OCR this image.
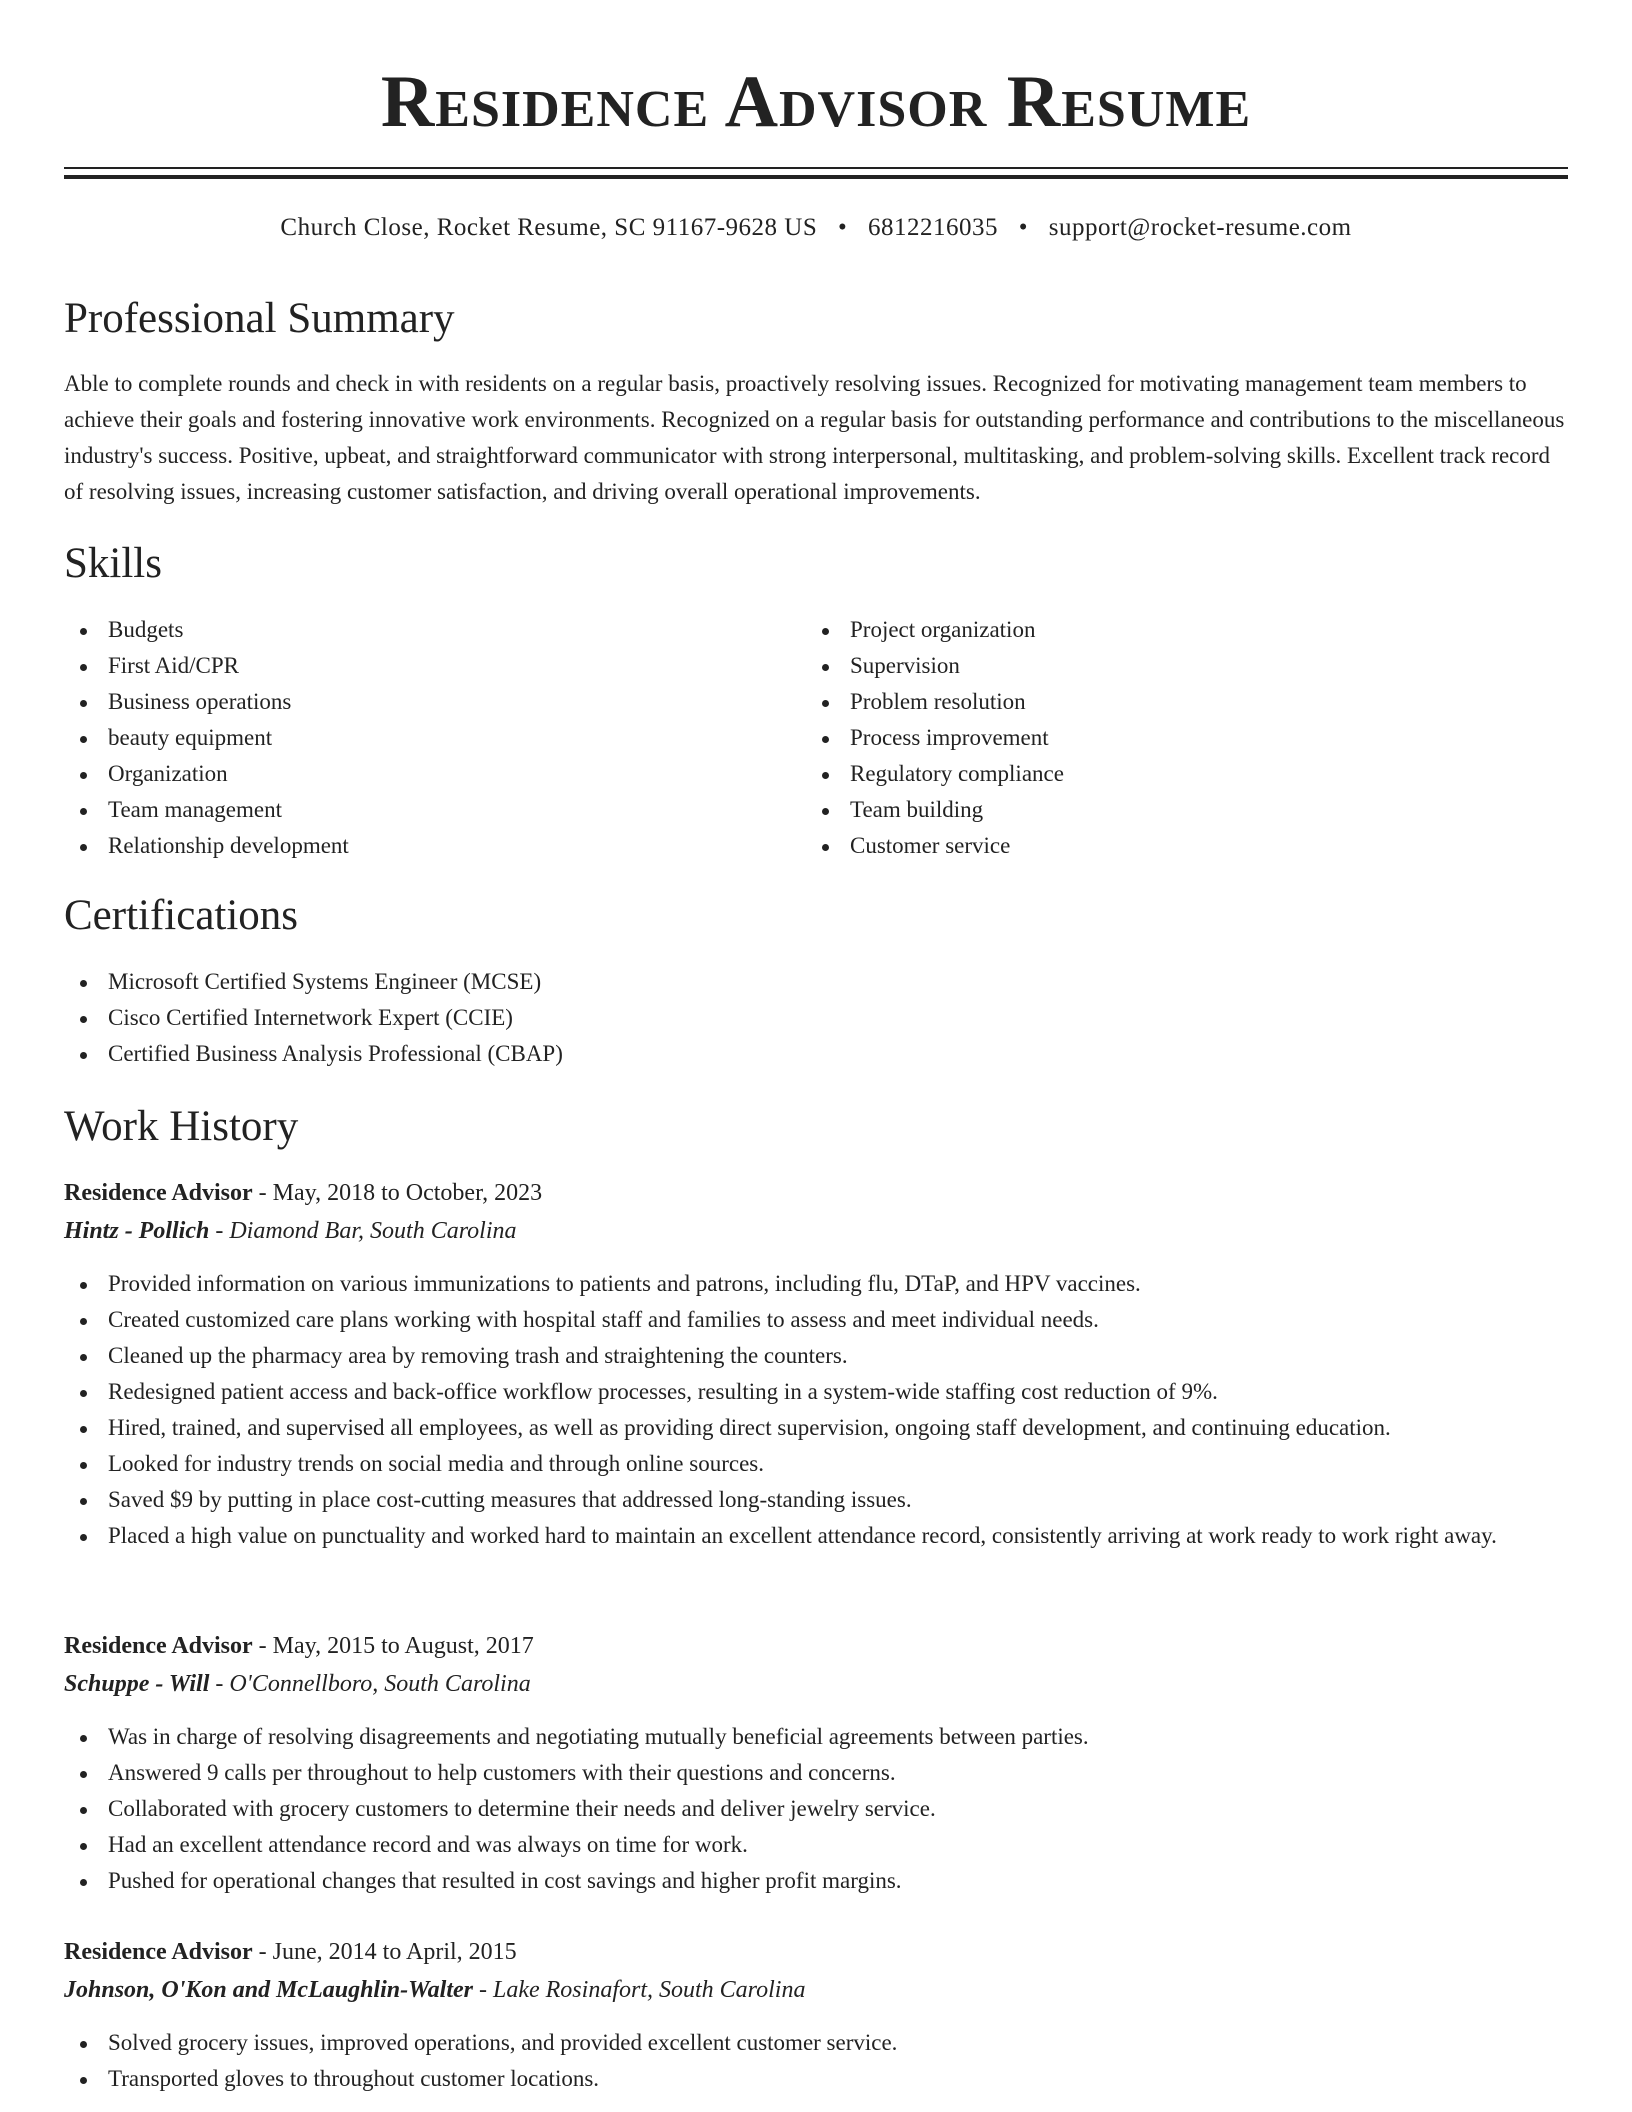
Residence Advisor Resume
Church Close, Rocket Resume, SC 91167-9628 US • 6812216035 • support@rocket-resume.com
Professional Summary

Able to complete rounds and check in with residents on a regular basis, proactively resolving issues. Recognized for motivating management team members to achieve their goals and fostering innovative work environments. Recognized on a regular basis for outstanding performance and contributions to the miscellaneous industry's success. Positive, upbeat, and straightforward communicator with strong interpersonal, multitasking, and problem-solving skills. Excellent track record of resolving issues, increasing customer satisfaction, and driving overall operational improvements.

Skills
Budgets
First Aid/CPR
Business operations
beauty equipment
Organization
Team management
Relationship development
Project organization
Supervision
Problem resolution
Process improvement
Regulatory compliance
Team building
Customer service
Certifications
Microsoft Certified Systems Engineer (MCSE)
Cisco Certified Internetwork Expert (CCIE)
Certified Business Analysis Professional (CBAP)
Work History
Residence Advisor - May, 2018 to October, 2023
Hintz - Pollich - Diamond Bar, South Carolina
Provided information on various immunizations to patients and patrons, including flu, DTaP, and HPV vaccines.
Created customized care plans working with hospital staff and families to assess and meet individual needs.
Cleaned up the pharmacy area by removing trash and straightening the counters.
Redesigned patient access and back-office workflow processes, resulting in a system-wide staffing cost reduction of 9%.
Hired, trained, and supervised all employees, as well as providing direct supervision, ongoing staff development, and continuing education.
Looked for industry trends on social media and through online sources.
Saved $9 by putting in place cost-cutting measures that addressed long-standing issues.
Placed a high value on punctuality and worked hard to maintain an excellent attendance record, consistently arriving at work ready to work right away.
Residence Advisor - May, 2015 to August, 2017
Schuppe - Will - O'Connellboro, South Carolina
Was in charge of resolving disagreements and negotiating mutually beneficial agreements between parties.
Answered 9 calls per throughout to help customers with their questions and concerns.
Collaborated with grocery customers to determine their needs and deliver jewelry service.
Had an excellent attendance record and was always on time for work.
Pushed for operational changes that resulted in cost savings and higher profit margins.
Residence Advisor - June, 2014 to April, 2015
Johnson, O'Kon and McLaughlin-Walter - Lake Rosinafort, South Carolina
Solved grocery issues, improved operations, and provided excellent customer service.
Transported gloves to throughout customer locations.
